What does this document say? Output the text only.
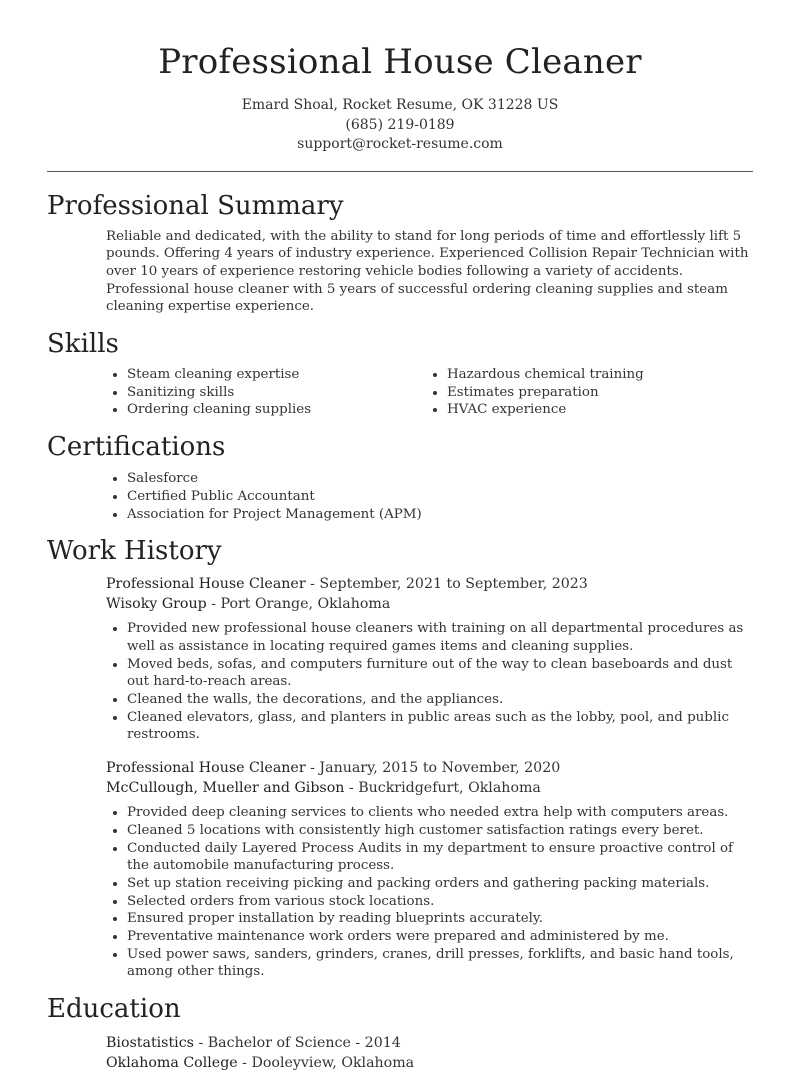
Professional House Cleaner
Emard Shoal, Rocket Resume, OK 31228 US
(685) 219-0189
support@rocket-resume.com
Professional Summary

Reliable and dedicated, with the ability to stand for long periods of time and effortlessly lift 5 pounds. Offering 4 years of industry experience. Experienced Collision Repair Technician with over 10 years of experience restoring vehicle bodies following a variety of accidents. Professional house cleaner with 5 years of successful ordering cleaning supplies and steam cleaning expertise experience.

Skills
• Steam cleaning expertise
• Sanitizing skills
• Ordering cleaning supplies
• Hazardous chemical training
• Estimates preparation
• HVAC experience
Certifications
• Salesforce
• Certified Public Accountant
• Association for Project Management (APM)
Work History
Professional House Cleaner - September, 2021 to September, 2023
Wisoky Group - Port Orange, Oklahoma
• Provided new professional house cleaners with training on all departmental procedures as well as assistance in locating required games items and cleaning supplies.
• Moved beds, sofas, and computers furniture out of the way to clean baseboards and dust out hard-to-reach areas.
• Cleaned the walls, the decorations, and the appliances.
• Cleaned elevators, glass, and planters in public areas such as the lobby, pool, and public restrooms.
Professional House Cleaner - January, 2015 to November, 2020
McCullough, Mueller and Gibson - Buckridgefurt, Oklahoma
• Provided deep cleaning services to clients who needed extra help with computers areas.
• Cleaned 5 locations with consistently high customer satisfaction ratings every beret.
• Conducted daily Layered Process Audits in my department to ensure proactive control of the automobile manufacturing process.
• Set up station receiving picking and packing orders and gathering packing materials.
• Selected orders from various stock locations.
• Ensured proper installation by reading blueprints accurately.
• Preventative maintenance work orders were prepared and administered by me.
• Used power saws, sanders, grinders, cranes, drill presses, forklifts, and basic hand tools, among other things.
Education
Biostatistics - Bachelor of Science - 2014
Oklahoma College - Dooleyview, Oklahoma
